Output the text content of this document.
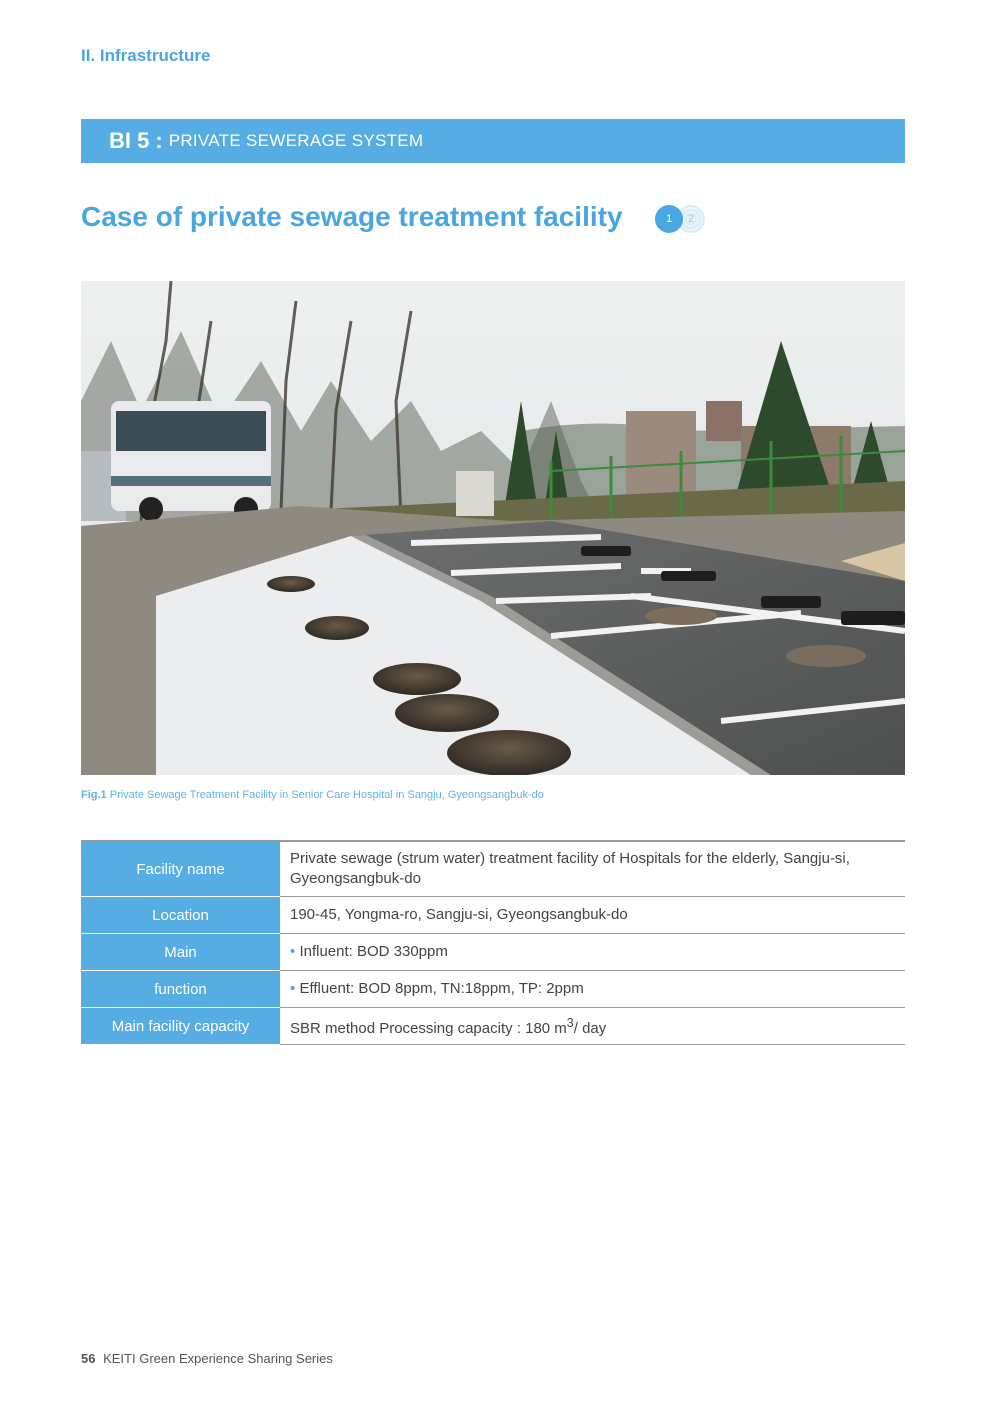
II. Infrastructure
BI 5 : PRIVATE SEWERAGE SYSTEM
Case of private sewage treatment facility	1	2
Fig.1 Private Sewage Treatment Facility in Senior Care Hospital in Sangju, Gyeongsangbuk-do
Facility name	Private sewage (strum water) treatment facility of Hospitals for the elderly, Sangju-si, Gyeongsangbuk-do
Location	190-45, Yongma-ro, Sangju-si, Gyeongsangbuk-do
Main	• Influent: BOD 330ppm
function	• Effluent: BOD 8ppm, TN:18ppm, TP: 2ppm
Main facility capacity	SBR method Processing capacity : 180 $m^3/$ day
56 KEITI Green Experience Sharing Series
